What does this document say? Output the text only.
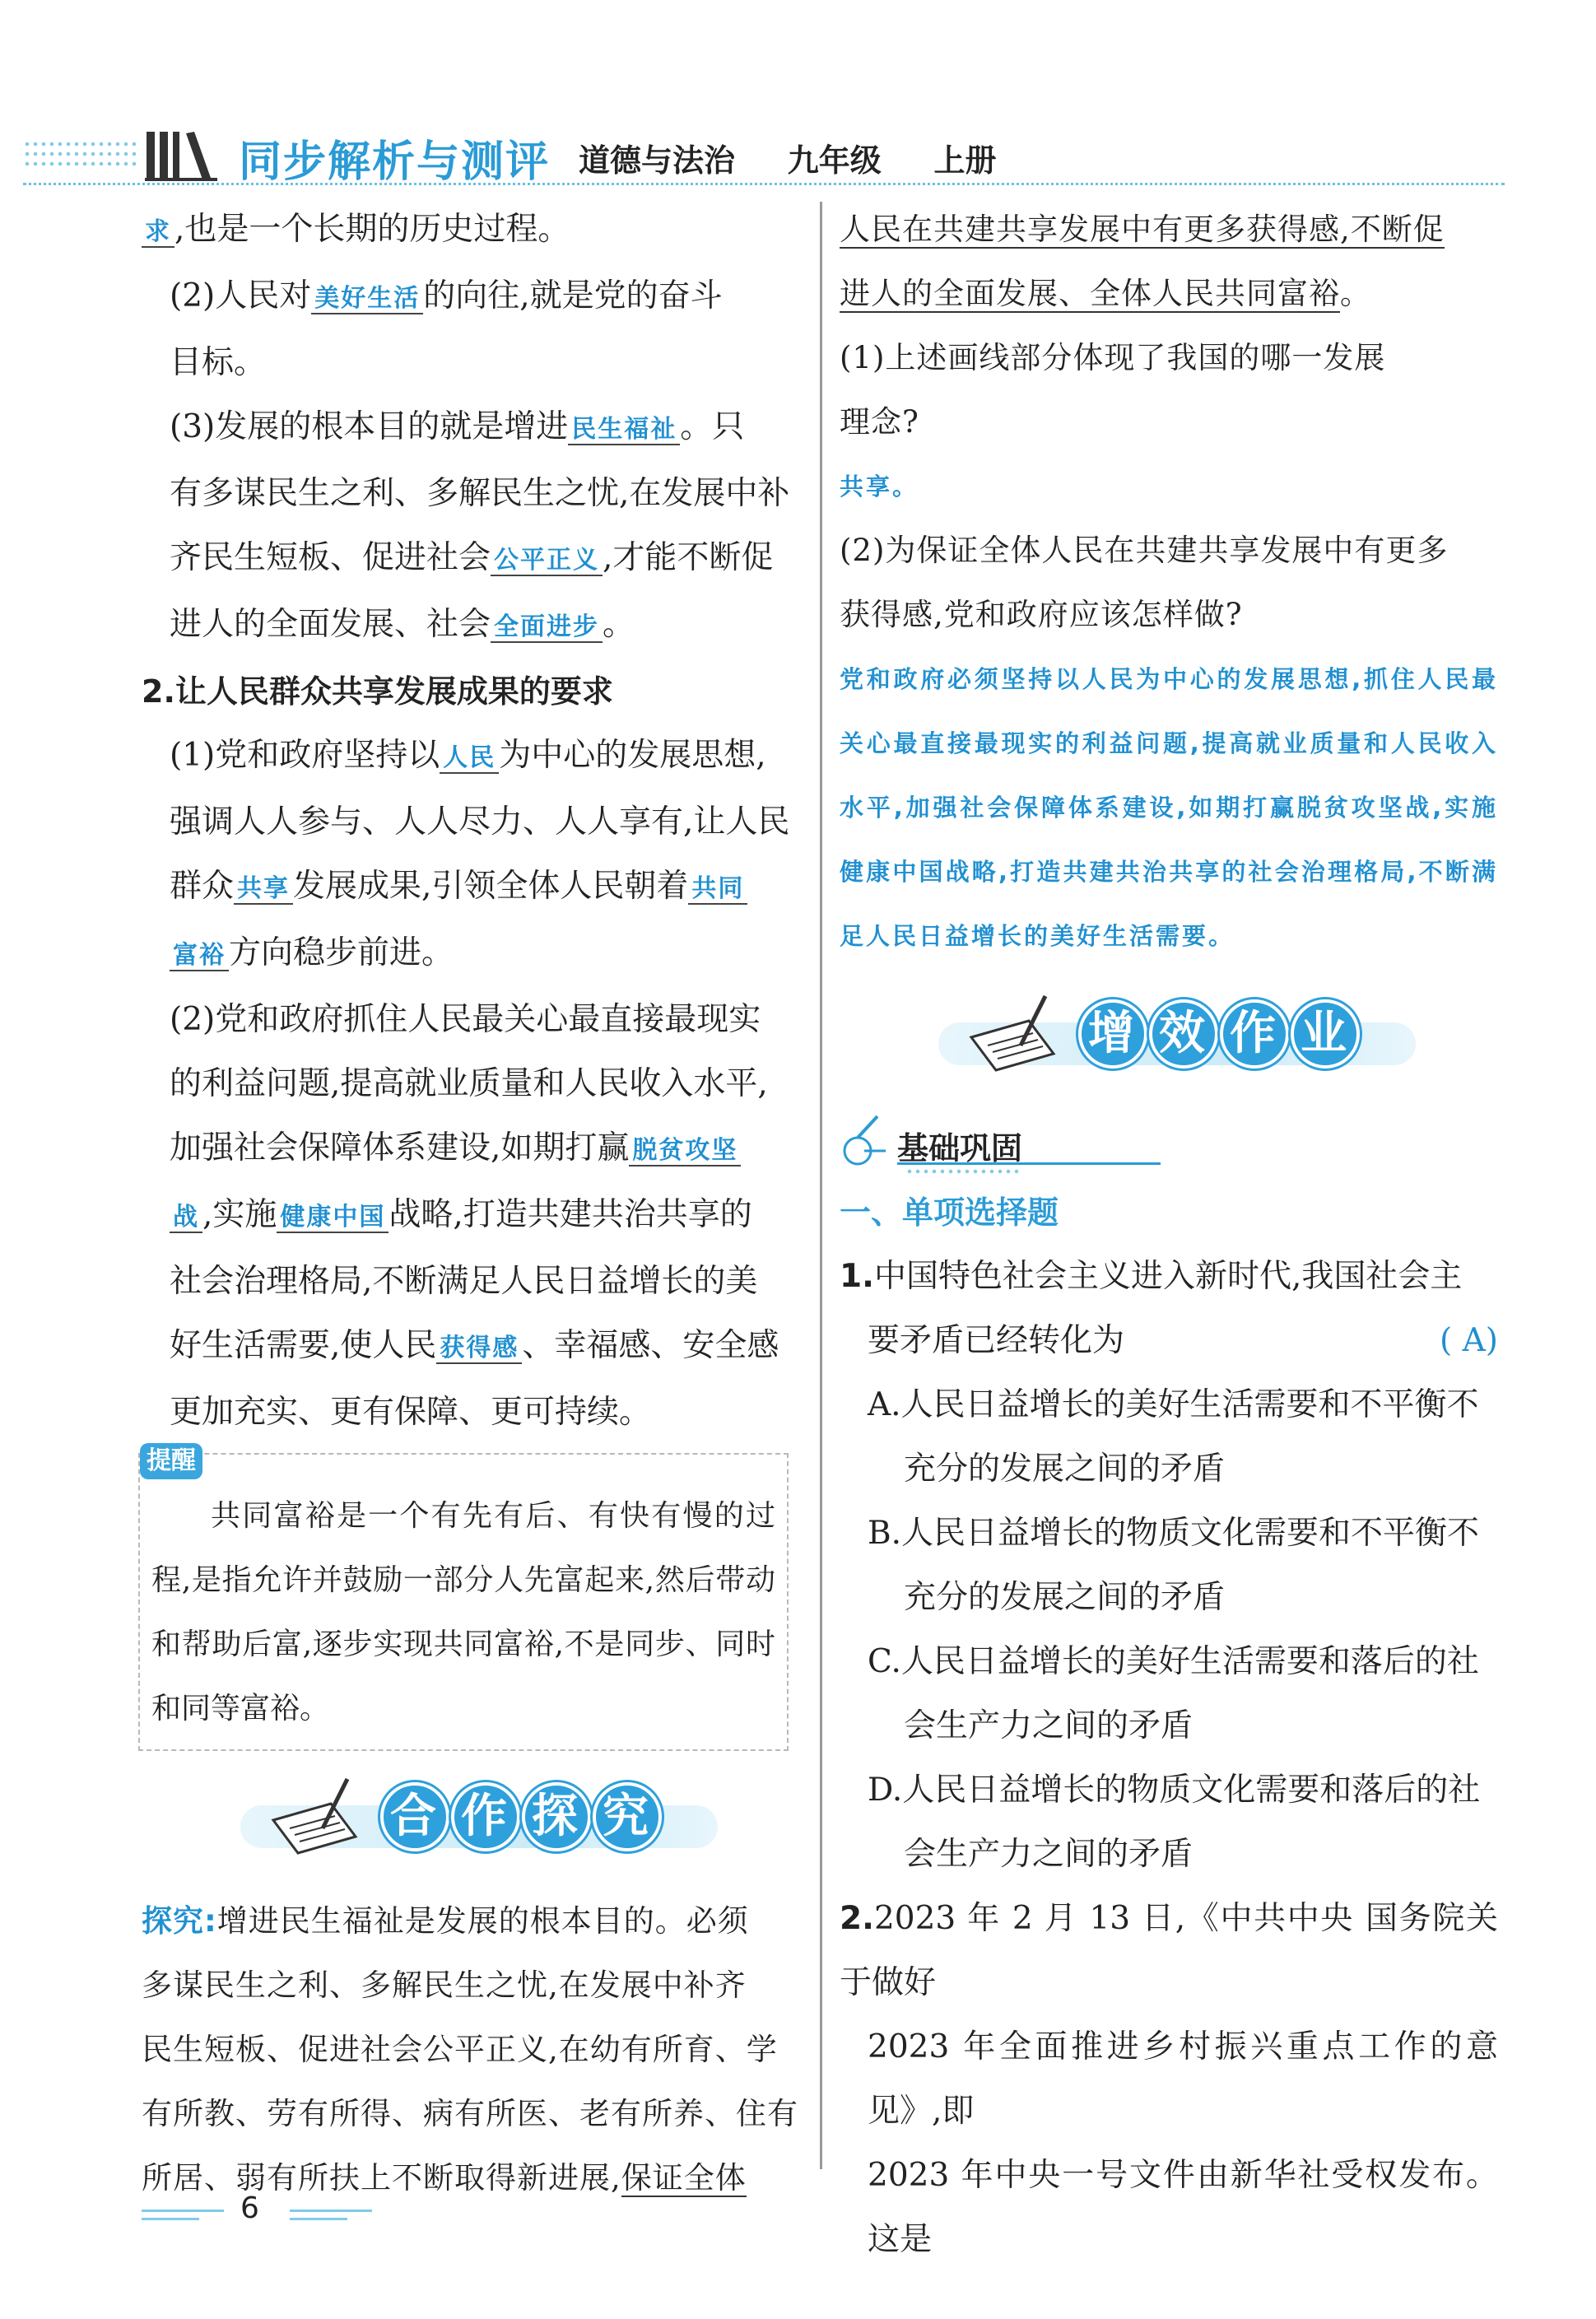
同步解析与测评 道德与法治 九年级 上册

求 ,也是一个长期的历史过程。

(2)人民对 美好生活 的向往,就是党的奋斗

目标。

(3)发展的根本目的就是增进 民生福祉 。只

有多谋民生之利、多解民生之忧,在发展中补

齐民生短板、促进社会 公平正义 ,才能不断促

进人的全面发展、社会 全面进步 。

2.让人民群众共享发展成果的要求

(1)党和政府坚持以 人民 为中心的发展思想,

强调人人参与、人人尽力、人人享有,让人民

群众 共享 发展成果,引领全体人民朝着 共同

富裕 方向稳步前进。

(2)党和政府抓住人民最关心最直接最现实

的利益问题,提高就业质量和人民收入水平,

加强社会保障体系建设,如期打赢 脱贫攻坚

战 ,实施 健康中国 战略,打造共建共治共享的

社会治理格局,不断满足人民日益增长的美

好生活需要,使人民 获得感 、幸福感、安全感

更加充实、更有保障、更可持续。

提醒

共同富裕是一个有先有后、有快有慢的过程,是指允许并鼓励一部分人先富起来,然后带动和帮助后富,逐步实现共同富裕,不是同步、同时和同等富裕。

合 作 探 究

探究:增进民生福祉是发展的根本目的。必须

多谋民生之利、多解民生之忧,在发展中补齐

民生短板、促进社会公平正义,在幼有所育、学

有所教、劳有所得、病有所医、老有所养、住有

所居、弱有所扶上不断取得新进展,保证全体

人民在共建共享发展中有更多获得感,不断促

进人的全面发展、全体人民共同富裕。

(1)上述画线部分体现了我国的哪一发展

理念?

共享。

(2)为保证全体人民在共建共享发展中有更多

获得感,党和政府应该怎样做?

党和政府必须坚持以人民为中心的发展思想,抓住人民最关心最直接最现实的利益问题,提高就业质量和人民收入水平,加强社会保障体系建设,如期打赢脱贫攻坚战,实施健康中国战略,打造共建共治共享的社会治理格局,不断满足人民日益增长的美好生活需要。

增 效 作 业
基础巩固

一、单项选择题

1.中国特色社会主义进入新时代,我国社会主

要矛盾已经转化为	( A)

A.人民日益增长的美好生活需要和不平衡不

充分的发展之间的矛盾

B.人民日益增长的物质文化需要和不平衡不

充分的发展之间的矛盾

C.人民日益增长的美好生活需要和落后的社

会生产力之间的矛盾

D.人民日益增长的物质文化需要和落后的社

会生产力之间的矛盾

2.2023 年 2 月 13 日,《中共中央 国务院关于做好

2023 年全面推进乡村振兴重点工作的意见》,即

2023 年中央一号文件由新华社受权发布。这是

6
